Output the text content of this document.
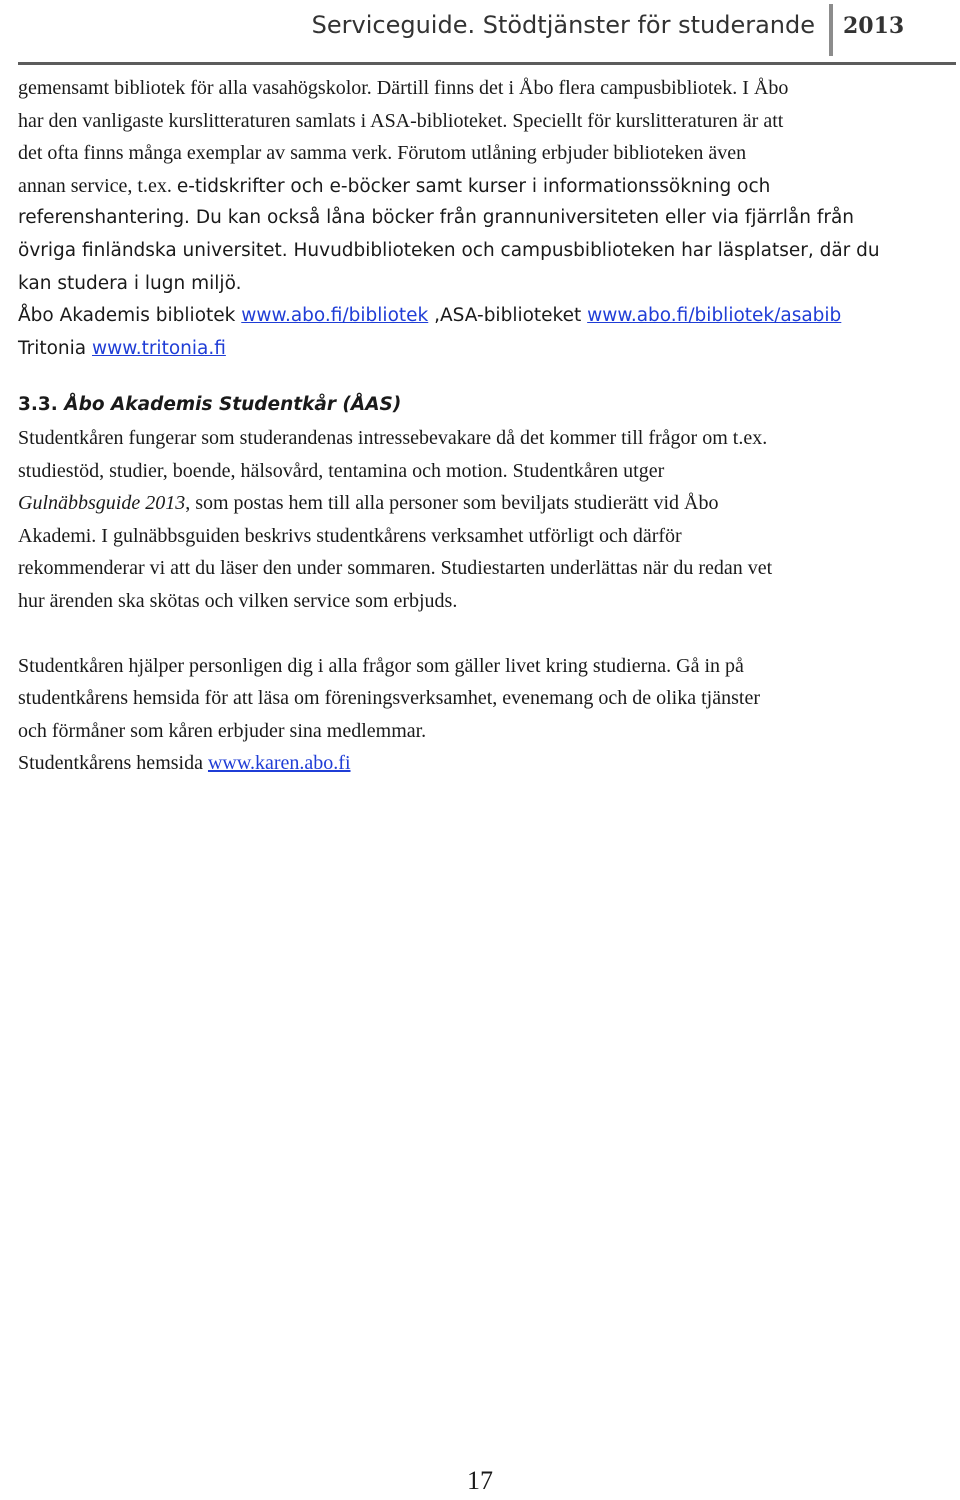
Serviceguide. Stödtjänster för studerande 2013
gemensamt bibliotek för alla vasahögskolor. Därtill finns det i Åbo flera campusbibliotek. I Åbo
har den vanligaste kurslitteraturen samlats i ASA-biblioteket. Speciellt för kurslitteraturen är att
det ofta finns många exemplar av samma verk. Förutom utlåning erbjuder biblioteken även
annan service, t.ex. e-tidskrifter och e-böcker samt kurser i informationssökning och
referenshantering. Du kan också låna böcker från grannuniversiteten eller via fjärrlån från
övriga finländska universitet. Huvudbiblioteken och campusbiblioteken har läsplatser, där du
kan studera i lugn miljö.
Åbo Akademis bibliotek www.abo.fi/bibliotek ,ASA-biblioteket www.abo.fi/bibliotek/asabib
Tritonia www.tritonia.fi
3.3. Åbo Akademis Studentkår (ÅAS)
Studentkåren fungerar som studerandenas intressebevakare då det kommer till frågor om t.ex.
studiestöd, studier, boende, hälsovård, tentamina och motion. Studentkåren utger
Gulnäbbsguide 2013, som postas hem till alla personer som beviljats studierätt vid Åbo
Akademi. I gulnäbbsguiden beskrivs studentkårens verksamhet utförligt och därför
rekommenderar vi att du läser den under sommaren. Studiestarten underlättas när du redan vet
hur ärenden ska skötas och vilken service som erbjuds.
Studentkåren hjälper personligen dig i alla frågor som gäller livet kring studierna. Gå in på
studentkårens hemsida för att läsa om föreningsverksamhet, evenemang och de olika tjänster
och förmåner som kåren erbjuder sina medlemmar.
Studentkårens hemsida www.karen.abo.fi
17
